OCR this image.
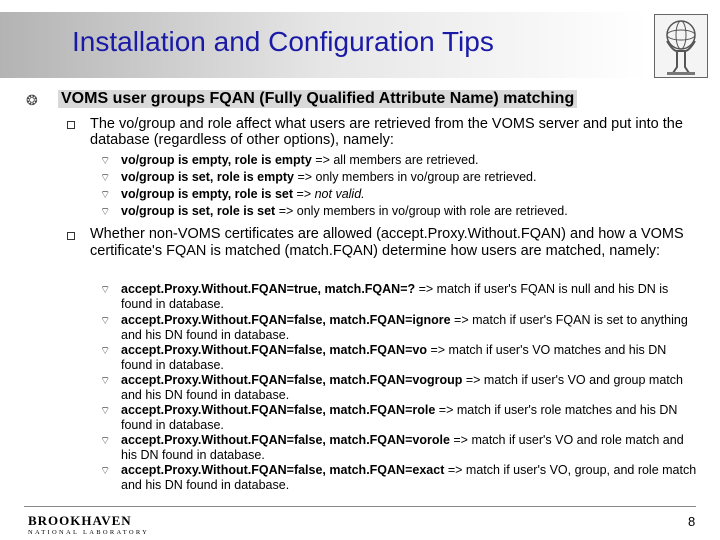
Installation and Configuration Tips
❂ VOMS user groups FQAN (Fully Qualified Attribute Name) matching
The vo/group and role affect what users are retrieved from the VOMS server and put into the database (regardless of other options), namely:
⌔ vo/group is empty, role is empty => all members are retrieved.
⌔ vo/group is set, role is empty => only members in vo/group are retrieved.
⌔ vo/group is empty, role is set => not valid.
⌔ vo/group is set, role is set => only members in vo/group with role are retrieved.
Whether non-VOMS certificates are allowed (accept.Proxy.Without.FQAN) and how a VOMS certificate's FQAN is matched (match.FQAN) determine how users are matched, namely:
⌔ accept.Proxy.Without.FQAN=true, match.FQAN=? => match if user's FQAN is null and his DN is found in database.
⌔ accept.Proxy.Without.FQAN=false, match.FQAN=ignore => match if user's FQAN is set to anything and his DN found in database.
⌔ accept.Proxy.Without.FQAN=false, match.FQAN=vo => match if user's VO matches and his DN found in database.
⌔ accept.Proxy.Without.FQAN=false, match.FQAN=vogroup => match if user's VO and group match and his DN found in database.
⌔ accept.Proxy.Without.FQAN=false, match.FQAN=role => match if user's role matches and his DN found in database.
⌔ accept.Proxy.Without.FQAN=false, match.FQAN=vorole => match if user's VO and role match and his DN found in database.
⌔ accept.Proxy.Without.FQAN=false, match.FQAN=exact => match if user's VO, group, and role match and his DN found in database.
BROOKHAVEN
NATIONAL LABORATORY
8
